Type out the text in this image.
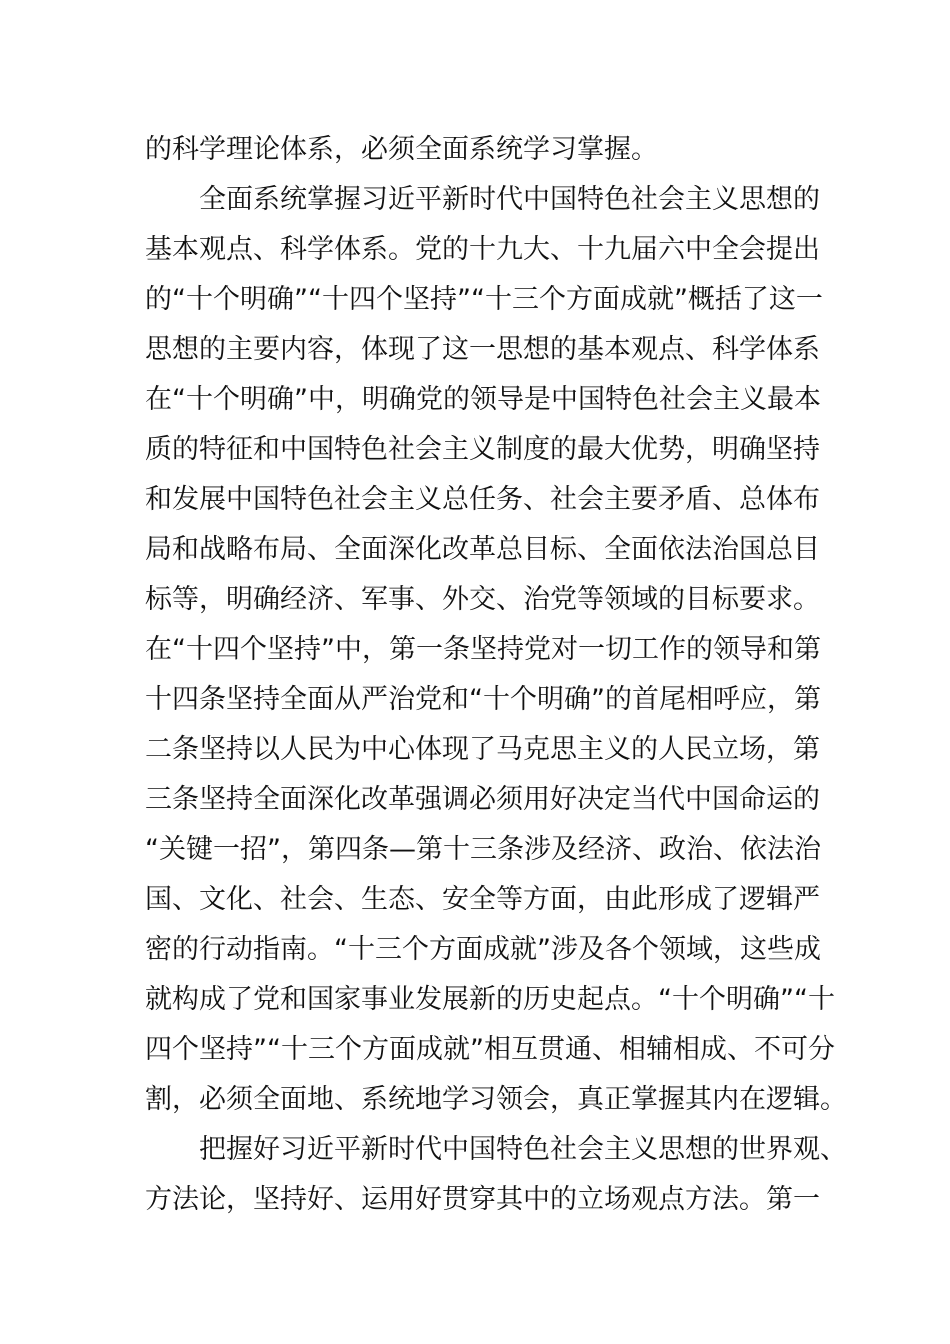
的科学理论体系，必须全面系统学习掌握。
　　全面系统掌握习近平新时代中国特色社会主义思想的
基本观点、科学体系。党的十九大、十九届六中全会提出
的“十个明确”“十四个坚持”“十三个方面成就”概括了这一
思想的主要内容，体现了这一思想的基本观点、科学体系
在“十个明确”中，明确党的领导是中国特色社会主义最本
质的特征和中国特色社会主义制度的最大优势，明确坚持
和发展中国特色社会主义总任务、社会主要矛盾、总体布
局和战略布局、全面深化改革总目标、全面依法治国总目
标等，明确经济、军事、外交、治党等领域的目标要求。
在“十四个坚持”中，第一条坚持党对一切工作的领导和第
十四条坚持全面从严治党和“十个明确”的首尾相呼应，第
二条坚持以人民为中心体现了马克思主义的人民立场，第
三条坚持全面深化改革强调必须用好决定当代中国命运的
“关键一招”，第四条—第十三条涉及经济、政治、依法治
国、文化、社会、生态、安全等方面，由此形成了逻辑严
密的行动指南。“十三个方面成就”涉及各个领域，这些成
就构成了党和国家事业发展新的历史起点。“十个明确”“十
四个坚持”“十三个方面成就”相互贯通、相辅相成、不可分
割，必须全面地、系统地学习领会，真正掌握其内在逻辑。
　　把握好习近平新时代中国特色社会主义思想的世界观、
方法论，坚持好、运用好贯穿其中的立场观点方法。第一
